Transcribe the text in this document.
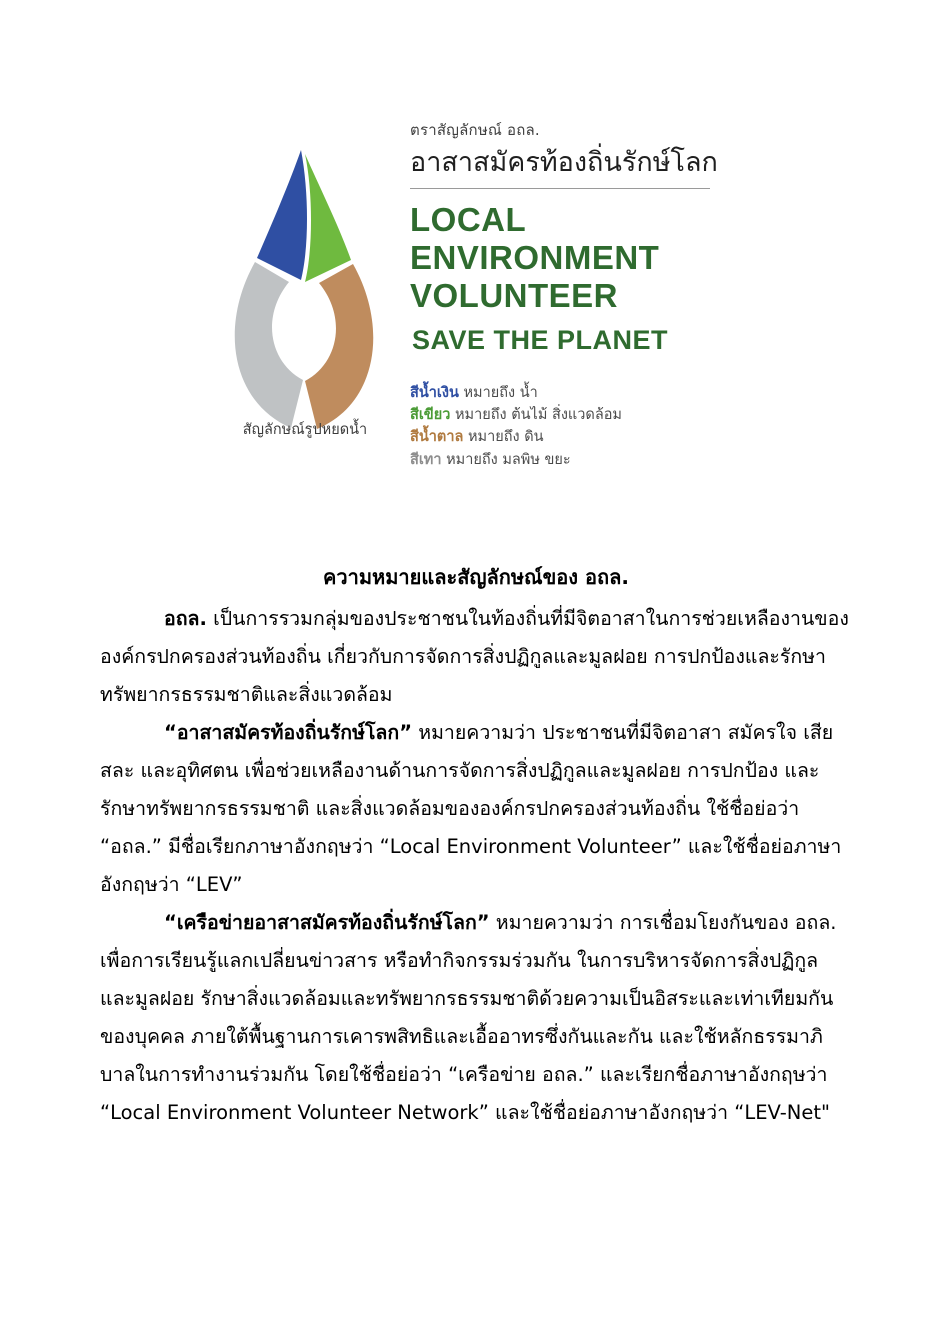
สัญลักษณ์รูปหยดน้ำ

ตราสัญลักษณ์ อถล.

อาสาสมัครท้องถิ่นรักษ์โลก

LOCAL
ENVIRONMENT
VOLUNTEER
SAVE THE PLANET
สีน้ำเงิน หมายถึง น้ำ
สีเขียว หมายถึง ต้นไม้ สิ่งแวดล้อม
สีน้ำตาล หมายถึง ดิน
สีเทา หมายถึง มลพิษ ขยะ
ความหมายและสัญลักษณ์ของ อถล.

อถล. เป็นการรวมกลุ่มของประชาชนในท้องถิ่นที่มีจิตอาสาในการช่วยเหลืองานขององค์กรปกครองส่วนท้องถิ่น เกี่ยวกับการจัดการสิ่งปฏิกูลและมูลฝอย การปกป้องและรักษาทรัพยากรธรรมชาติและสิ่งแวดล้อม

“อาสาสมัครท้องถิ่นรักษ์โลก” หมายความว่า ประชาชนที่มีจิตอาสา สมัครใจ เสียสละ และอุทิศตน เพื่อช่วยเหลืองานด้านการจัดการสิ่งปฏิกูลและมูลฝอย การปกป้อง และรักษาทรัพยากรธรรมชาติ และสิ่งแวดล้อมขององค์กรปกครองส่วนท้องถิ่น ใช้ชื่อย่อว่า “อถล.” มีชื่อเรียกภาษาอังกฤษว่า “Local Environment Volunteer” และใช้ชื่อย่อภาษาอังกฤษว่า “LEV”

“เครือข่ายอาสาสมัครท้องถิ่นรักษ์โลก” หมายความว่า การเชื่อมโยงกันของ อถล. เพื่อการเรียนรู้แลกเปลี่ยนข่าวสาร หรือทำกิจกรรมร่วมกัน ในการบริหารจัดการสิ่งปฏิกูลและมูลฝอย รักษาสิ่งแวดล้อมและทรัพยากรธรรมชาติด้วยความเป็นอิสระและเท่าเทียมกันของบุคคล ภายใต้พื้นฐานการเคารพสิทธิและเอื้ออาทรซึ่งกันและกัน และใช้หลักธรรมาภิบาลในการทำงานร่วมกัน โดยใช้ชื่อย่อว่า “เครือข่าย อถล.” และเรียกชื่อภาษาอังกฤษว่า “Local Environment Volunteer Network” และใช้ชื่อย่อภาษาอังกฤษว่า “LEV-Net"
